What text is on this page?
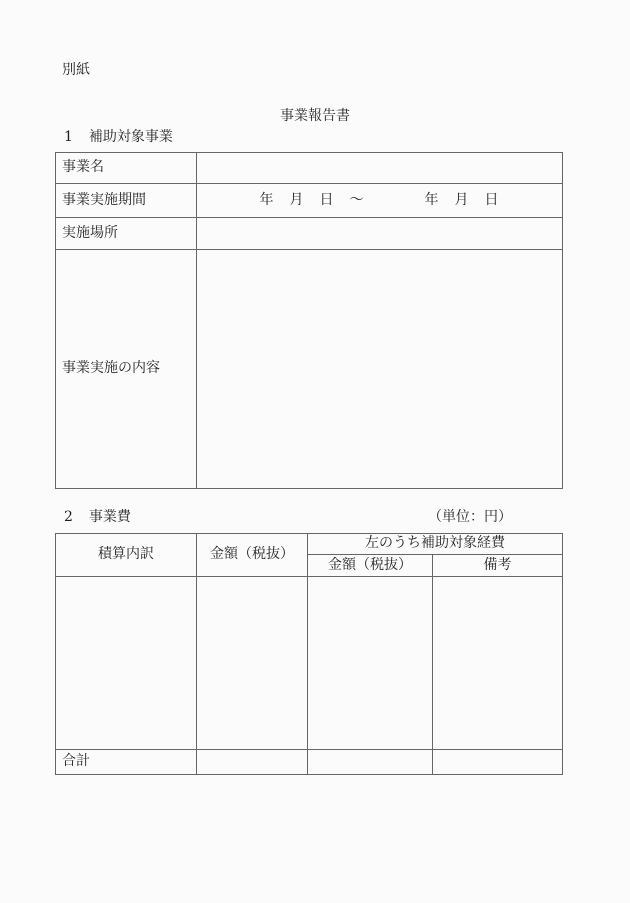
別紙
事業報告書
1 補助対象事業
事業名	
事業実施期間	年　月　日　～　　　　年　月　日
実施場所	
事業実施の内容	
2 事業費	（単位：円）
積算内訳	金額（税抜）	左のうち補助対象経費	
		金額（税抜）	備考

合計			
